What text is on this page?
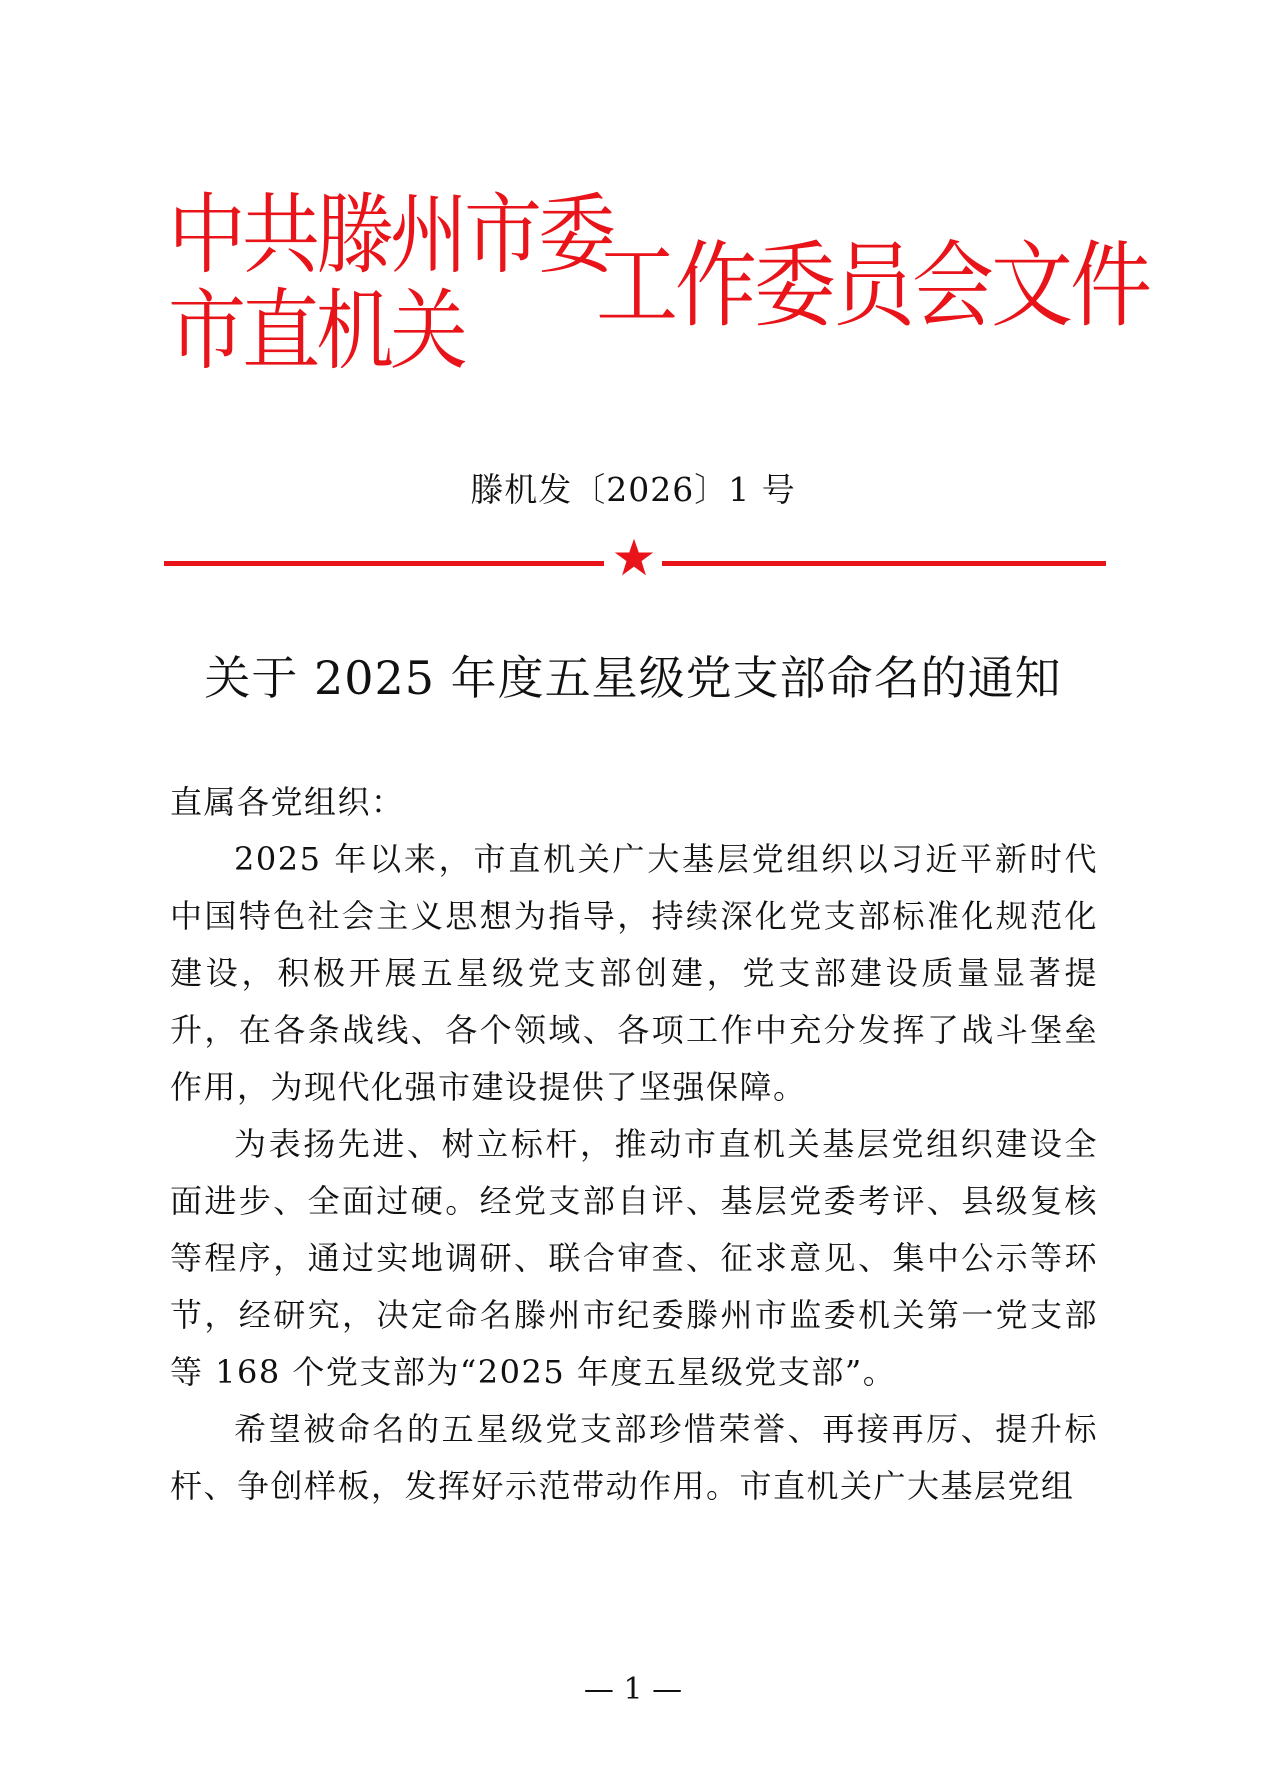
中共滕州市委
市直机关	工作委员会文件
滕机发〔2026〕1 号
关于 2025 年度五星级党支部命名的通知

直属各党组织：

2025 年以来，市直机关广大基层党组织以习近平新时代中国特色社会主义思想为指导，持续深化党支部标准化规范化建设，积极开展五星级党支部创建，党支部建设质量显著提升，在各条战线、各个领域、各项工作中充分发挥了战斗堡垒作用，为现代化强市建设提供了坚强保障。

为表扬先进、树立标杆，推动市直机关基层党组织建设全面进步、全面过硬。经党支部自评、基层党委考评、县级复核等程序，通过实地调研、联合审查、征求意见、集中公示等环节，经研究，决定命名滕州市纪委滕州市监委机关第一党支部等 168 个党支部为“2025 年度五星级党支部”。

希望被命名的五星级党支部珍惜荣誉、再接再厉、提升标杆、争创样板，发挥好示范带动作用。市直机关广大基层党组

— 1 —
